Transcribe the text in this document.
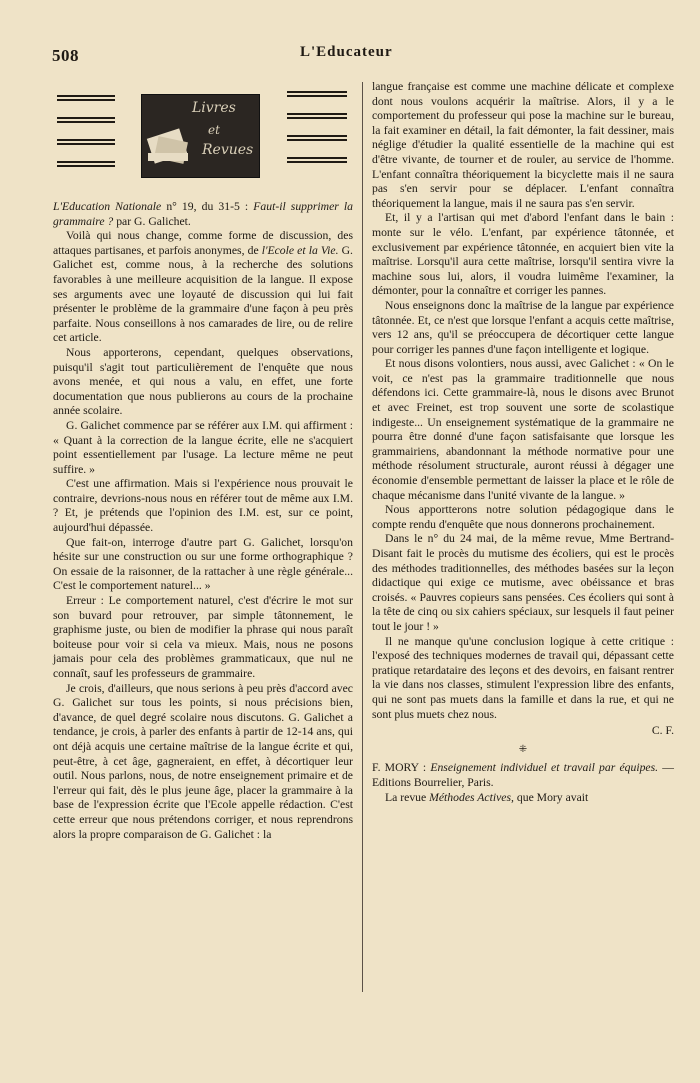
508	L'Educateur
Livres
et
Revues

L'Education Nationale n° 19, du 31-5 : Faut-il supprimer la grammaire ? par G. Galichet.

Voilà qui nous change, comme forme de discussion, des attaques partisanes, et parfois anonymes, de l'Ecole et la Vie. G. Galichet est, comme nous, à la recherche des solutions favorables à une meilleure acquisition de la langue. Il expose ses arguments avec une loyauté de discussion qui lui fait présenter le problème de la grammaire d'une façon à peu près parfaite. Nous conseillons à nos camarades de lire, ou de relire cet article.

Nous apporterons, cependant, quelques observations, puisqu'il s'agit tout particulièrement de l'enquête que nous avons menée, et qui nous a valu, en effet, une forte documentation que nous publierons au cours de la prochaine année scolaire.

G. Galichet commence par se référer aux I.M. qui affirment : « Quant à la correction de la langue écrite, elle ne s'acquiert point essentiellement par l'usage. La lecture même ne peut suffire. »

C'est une affirmation. Mais si l'expérience nous prouvait le contraire, devrions-nous nous en référer tout de même aux I.M. ? Et, je prétends que l'opinion des I.M. est, sur ce point, aujourd'hui dépassée.

Que fait-on, interroge d'autre part G. Galichet, lorsqu'on hésite sur une construction ou sur une forme orthographique ? On essaie de la raisonner, de la rattacher à une règle générale... C'est le comportement naturel... »

Erreur : Le comportement naturel, c'est d'écrire le mot sur son buvard pour retrouver, par simple tâtonnement, le graphisme juste, ou bien de modifier la phrase qui nous paraît boiteuse pour voir si cela va mieux. Mais, nous ne posons jamais pour cela des problèmes grammaticaux, que nul ne connaît, sauf les professeurs de grammaire.

Je crois, d'ailleurs, que nous serions à peu près d'accord avec G. Galichet sur tous les points, si nous précisions bien, d'avance, de quel degré scolaire nous discutons. G. Galichet a tendance, je crois, à parler des enfants à partir de 12-14 ans, qui ont déjà acquis une certaine maîtrise de la langue écrite et qui, peut-être, à cet âge, gagneraient, en effet, à décortiquer leur outil. Nous parlons, nous, de notre enseignement primaire et de l'erreur qui fait, dès le plus jeune âge, placer la grammaire à la base de l'expression écrite que l'Ecole appelle rédaction. C'est cette erreur que nous prétendons corriger, et nous reprendrons alors la propre comparaison de G. Galichet : la

langue française est comme une machine délicate et complexe dont nous voulons acquérir la maîtrise. Alors, il y a le comportement du professeur qui pose la machine sur le bureau, la fait examiner en détail, la fait démonter, la fait dessiner, mais néglige d'étudier la qualité essentielle de la machine qui est d'être vivante, de tourner et de rouler, au service de l'homme. L'enfant connaîtra théoriquement la bicyclette mais il ne saura pas s'en servir pour se déplacer. L'enfant connaîtra théoriquement la langue, mais il ne saura pas s'en servir.

Et, il y a l'artisan qui met d'abord l'enfant dans le bain : monte sur le vélo. L'enfant, par expérience tâtonnée, et exclusivement par expérience tâtonnée, en acquiert bien vite la maîtrise. Lorsqu'il aura cette maîtrise, lorsqu'il sentira vivre la machine sous lui, alors, il voudra luimême l'examiner, la démonter, pour la connaître et corriger les pannes.

Nous enseignons donc la maîtrise de la langue par expérience tâtonnée. Et, ce n'est que lorsque l'enfant a acquis cette maîtrise, vers 12 ans, qu'il se préoccupera de décortiquer cette langue pour corriger les pannes d'une façon intelligente et logique.

Et nous disons volontiers, nous aussi, avec Galichet : « On le voit, ce n'est pas la grammaire traditionnelle que nous défendons ici. Cette grammaire-là, nous le disons avec Brunot et avec Freinet, est trop souvent une sorte de scolastique indigeste... Un enseignement systématique de la grammaire ne pourra être donné d'une façon satisfaisante que lorsque les grammairiens, abandonnant la méthode normative pour une méthode résolument structurale, auront réussi à dégager une économie d'ensemble permettant de laisser la place et le rôle de chaque mécanisme dans l'unité vivante de la langue. »

Nous apportterons notre solution pédagogique dans le compte rendu d'enquête que nous donnerons prochainement.

Dans le n° du 24 mai, de la même revue, Mme Bertrand-Disant fait le procès du mutisme des écoliers, qui est le procès des méthodes traditionnelles, des méthodes basées sur la leçon didactique qui exige ce mutisme, avec obéissance et bras croisés. « Pauvres copieurs sans pensées. Ces écoliers qui sont à la tête de cinq ou six cahiers spéciaux, sur lesquels il faut peiner tout le jour ! »

Il ne manque qu'une conclusion logique à cette critique : l'exposé des techniques modernes de travail qui, dépassant cette pratique retardataire des leçons et des devoirs, en faisant rentrer la vie dans nos classes, stimulent l'expression libre des enfants, qui ne sont pas muets dans la famille et dans la rue, et qui ne sont plus muets chez nous.

C. F.
⁜

F. MORY : Enseignement individuel et travail par équipes. — Editions Bourrelier, Paris.

La revue Méthodes Actives, que Mory avait
